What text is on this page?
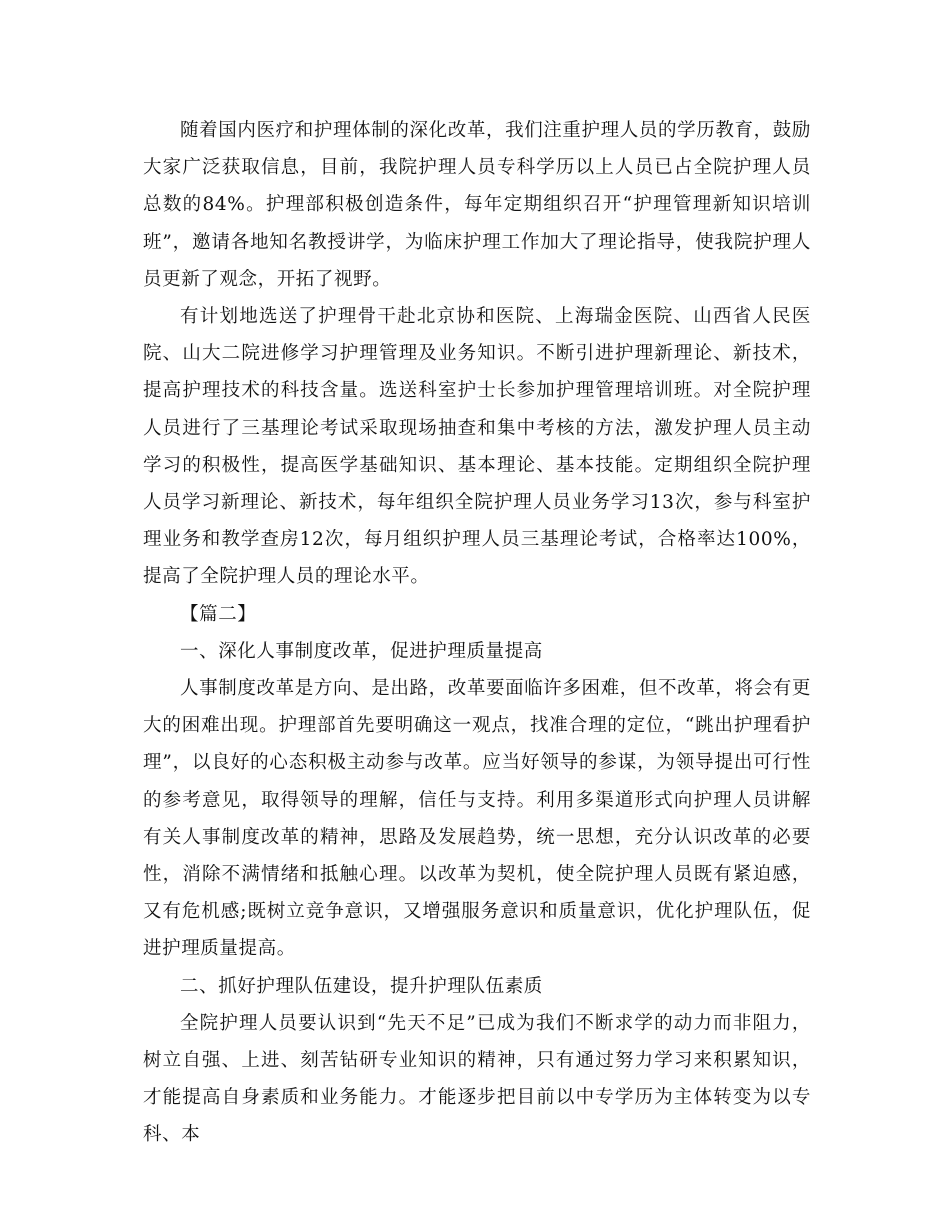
随着国内医疗和护理体制的深化改革，我们注重护理人员的学历教育，鼓励大家广泛获取信息，目前，我院护理人员专科学历以上人员已占全院护理人员总数的84%。护理部积极创造条件，每年定期组织召开“护理管理新知识培训班”，邀请各地知名教授讲学，为临床护理工作加大了理论指导，使我院护理人员更新了观念，开拓了视野。

有计划地选送了护理骨干赴北京协和医院、上海瑞金医院、山西省人民医院、山大二院进修学习护理管理及业务知识。不断引进护理新理论、新技术，提高护理技术的科技含量。选送科室护士长参加护理管理培训班。对全院护理人员进行了三基理论考试采取现场抽查和集中考核的方法，激发护理人员主动学习的积极性，提高医学基础知识、基本理论、基本技能。定期组织全院护理人员学习新理论、新技术，每年组织全院护理人员业务学习13次，参与科室护理业务和教学查房12次，每月组织护理人员三基理论考试，合格率达100%，提高了全院护理人员的理论水平。

【篇二】

一、深化人事制度改革，促进护理质量提高

人事制度改革是方向、是出路，改革要面临许多困难，但不改革，将会有更大的困难出现。护理部首先要明确这一观点，找准合理的定位，“跳出护理看护理”，以良好的心态积极主动参与改革。应当好领导的参谋，为领导提出可行性的参考意见，取得领导的理解，信任与支持。利用多渠道形式向护理人员讲解有关人事制度改革的精神，思路及发展趋势，统一思想，充分认识改革的必要性，消除不满情绪和抵触心理。以改革为契机，使全院护理人员既有紧迫感，又有危机感;既树立竞争意识，又增强服务意识和质量意识，优化护理队伍，促进护理质量提高。

二、抓好护理队伍建设，提升护理队伍素质

全院护理人员要认识到“先天不足”已成为我们不断求学的动力而非阻力，树立自强、上进、刻苦钻研专业知识的精神，只有通过努力学习来积累知识，才能提高自身素质和业务能力。才能逐步把目前以中专学历为主体转变为以专科、本
